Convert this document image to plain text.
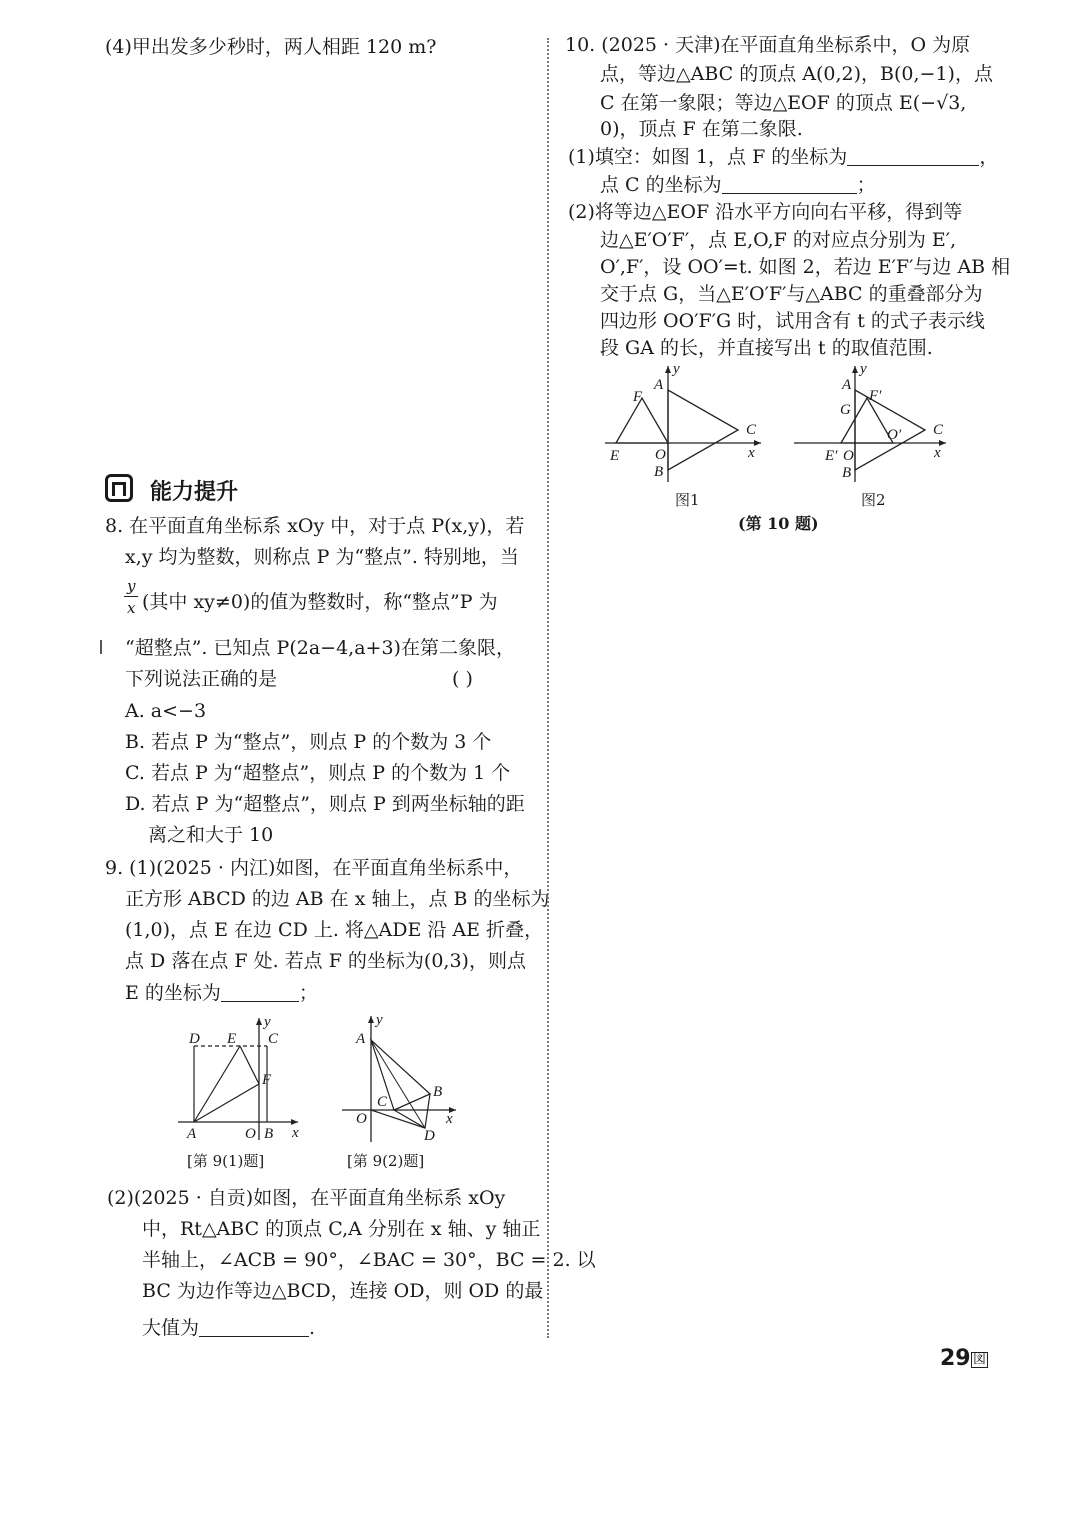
(4)甲出发多少秒时，两人相距 120 m?
能力提升
8. 在平面直角坐标系 xOy 中，对于点 P(x,y)，若
x,y 均为整数，则称点 P 为“整点”. 特别地，当
y
x (其中 xy≠0)的值为整数时，称“整点”P 为
“超整点”. 已知点 P(2a−4,a+3)在第二象限，
下列说法正确的是	( )
A. a<−3
B. 若点 P 为“整点”，则点 P 的个数为 3 个
C. 若点 P 为“超整点”，则点 P 的个数为 1 个
D. 若点 P 为“超整点”，则点 P 到两坐标轴的距
离之和大于 10
9. (1)(2025 · 内江)如图，在平面直角坐标系中，
正方形 ABCD 的边 AB 在 x 轴上，点 B 的坐标为
(1,0)，点 E 在边 CD 上. 将△ADE 沿 AE 折叠，
点 D 落在点 F 处. 若点 F 的坐标为(0,3)，则点
E 的坐标为	；
D E C
F
A	O B x
y
[第 9(1)题]
A
B
C
D
O	x
y
[第 9(2)题]
(2)(2025 · 自贡)如图，在平面直角坐标系 xOy
中，Rt△ABC 的顶点 C,A 分别在 x 轴、y 轴正
半轴上，∠ACB = 90°，∠BAC = 30°，BC = 2. 以
BC 为边作等边△BCD，连接 OD，则 OD 的最
大值为	.
10. (2025 · 天津)在平面直角坐标系中，O 为原
点，等边△ABC 的顶点 A(0,2)，B(0,−1)，点
C 在第一象限；等边△EOF 的顶点 E(−√3,
0)，顶点 F 在第二象限.
(1)填空：如图 1，点 F 的坐标为	，
点 C 的坐标为	；
(2)将等边△EOF 沿水平方向向右平移，得到等
边△E′O′F′，点 E,O,F 的对应点分别为 E′,
O′,F′，设 OO′=t. 如图 2，若边 E′F′与边 AB 相
交于点 G，当△E′O′F′与△ABC 的重叠部分为
四边形 OO′F′G 时，试用含有 t 的式子表示线
段 GA 的长，并直接写出 t 的取值范围.
A
B
C
E
F
O	x
y
图1
A
G
F′
O′ C
E′ O
B
x
y
图2
(第 10 题)
29 図
